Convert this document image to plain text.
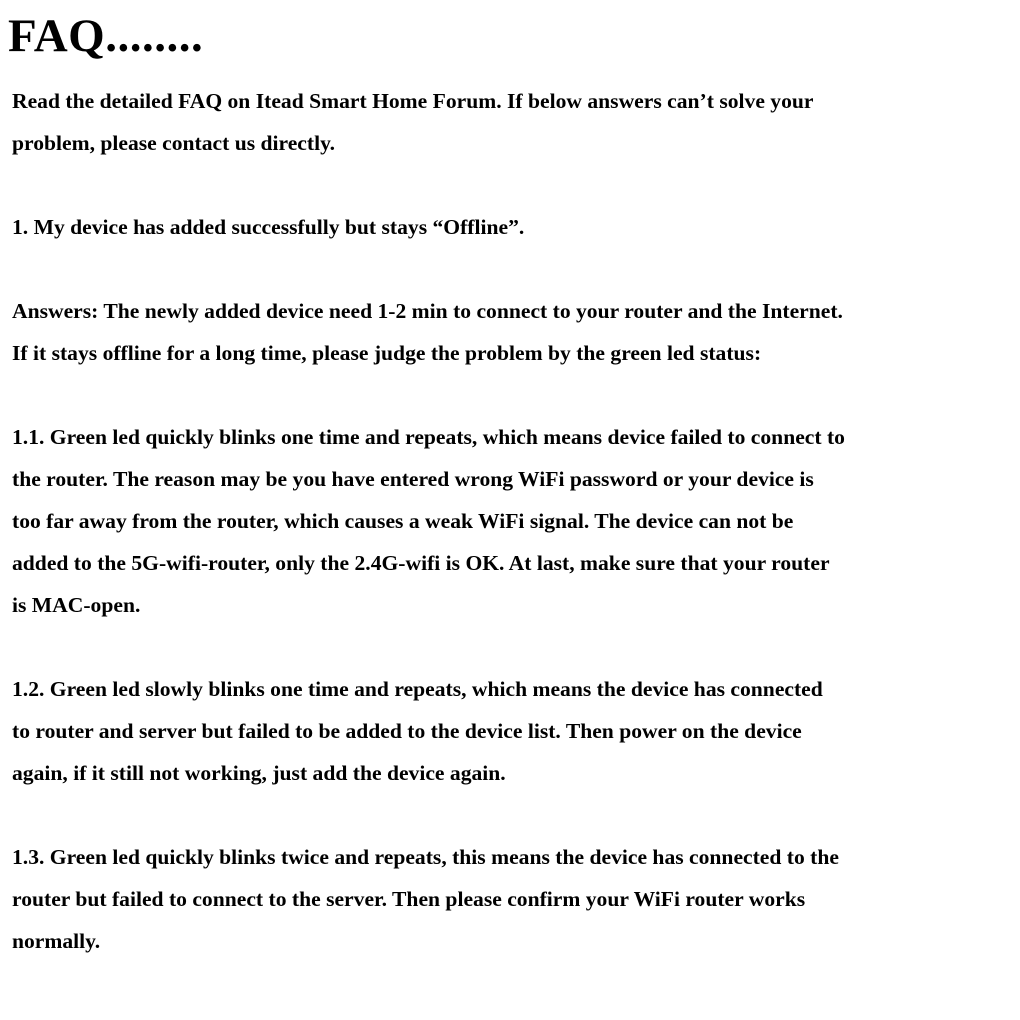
FAQ........

Read the detailed FAQ on Itead Smart Home Forum. If below answers can’t solve your
problem, please contact us directly.

1. My device has added successfully but stays “Offline”.

Answers: The newly added device need 1-2 min to connect to your router and the Internet.
If it stays offline for a long time, please judge the problem by the green led status:

1.1. Green led quickly blinks one time and repeats, which means device failed to connect to
the router. The reason may be you have entered wrong WiFi password or your device is
too far away from the router, which causes a weak WiFi signal. The device can not be
added to the 5G-wifi-router, only the 2.4G-wifi is OK. At last, make sure that your router
is MAC-open.

1.2. Green led slowly blinks one time and repeats, which means the device has connected
to router and server but failed to be added to the device list. Then power on the device
again, if it still not working, just add the device again.

1.3. Green led quickly blinks twice and repeats, this means the device has connected to the
router but failed to connect to the server. Then please confirm your WiFi router works
normally.
